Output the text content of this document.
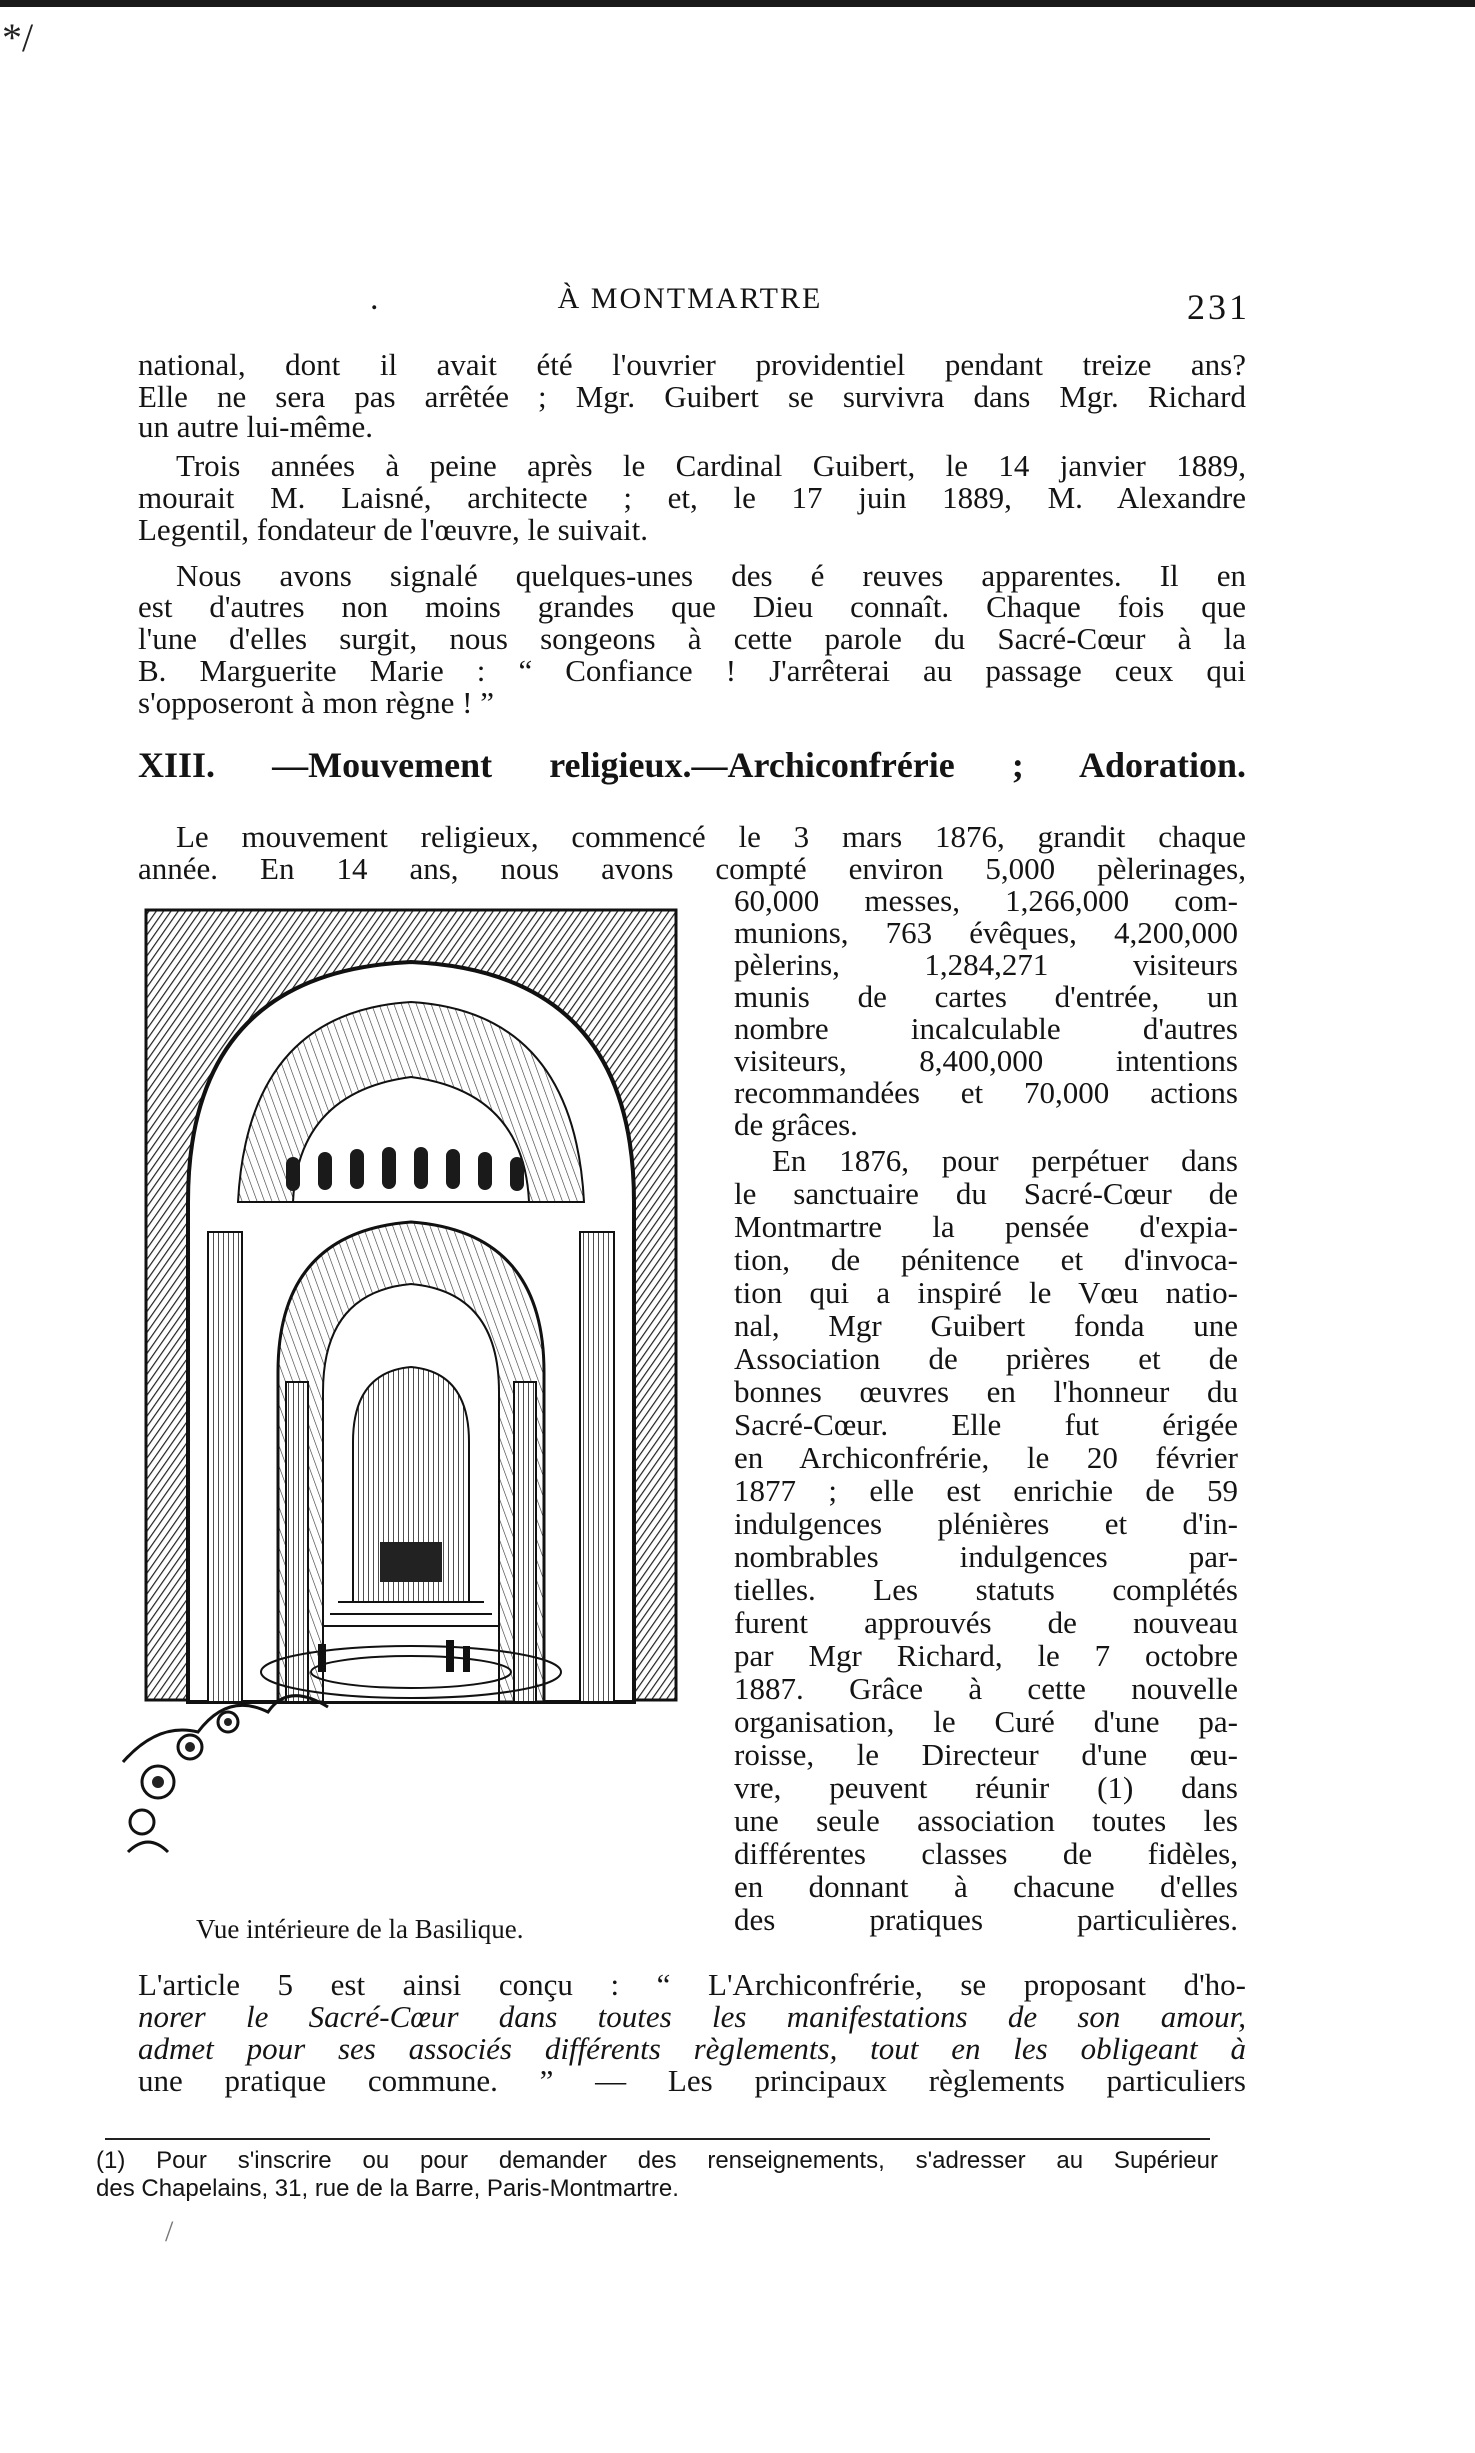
*/
.	À MONTMARTRE	231
national, dont il avait été l'ouvrier providentiel pendant treize ans?
Elle ne sera pas arrêtée ; Mgr. Guibert se survivra dans Mgr. Richard
un autre lui-même.
Trois années à peine après le Cardinal Guibert, le 14 janvier 1889,
mourait M. Laisné, architecte ; et, le 17 juin 1889, M. Alexandre
Legentil, fondateur de l'œuvre, le suivait.
Nous avons signalé quelques-unes des é reuves apparentes. Il en
est d'autres non moins grandes que Dieu connaît. Chaque fois que
l'une d'elles surgit, nous songeons à cette parole du Sacré-Cœur à la
B. Marguerite Marie : “ Confiance ! J'arrêterai au passage ceux qui
s'opposeront à mon règne ! ”
XIII. —Mouvement religieux.—Archiconfrérie ; Adoration.
Le mouvement religieux, commencé le 3 mars 1876, grandit chaque
année. En 14 ans, nous avons compté environ 5,000 pèlerinages,
60,000 messes, 1,266,000 com-
munions, 763 évêques, 4,200,000
pèlerins, 1,284,271 visiteurs
munis de cartes d'entrée, un
nombre incalculable d'autres
visiteurs, 8,400,000 intentions
recommandées et 70,000 actions
de grâces.
En 1876, pour perpétuer dans
le sanctuaire du Sacré-Cœur de
Montmartre la pensée d'expia-
tion, de pénitence et d'invoca-
tion qui a inspiré le Vœu natio-
nal, Mgr Guibert fonda une
Association de prières et de
bonnes œuvres en l'honneur du
Sacré-Cœur. Elle fut érigée
en Archiconfrérie, le 20 février
1877 ; elle est enrichie de 59
indulgences plénières et d'in-
nombrables indulgences par-
tielles. Les statuts complétés
furent approuvés de nouveau
par Mgr Richard, le 7 octobre
1887. Grâce à cette nouvelle
organisation, le Curé d'une pa-
roisse, le Directeur d'une œu-
vre, peuvent réunir (1) dans
une seule association toutes les
différentes classes de fidèles,
en donnant à chacune d'elles
des pratiques particulières.
Vue intérieure de la Basilique.
L'article 5 est ainsi conçu : “ L'Archiconfrérie, se proposant d'ho-
norer le Sacré-Cœur dans toutes les manifestations de son amour,
admet pour ses associés différents règlements, tout en les obligeant à
une pratique commune. ” — Les principaux règlements particuliers
(1) Pour s'inscrire ou pour demander des renseignements, s'adresser au Supérieur
des Chapelains, 31, rue de la Barre, Paris-Montmartre.
/
